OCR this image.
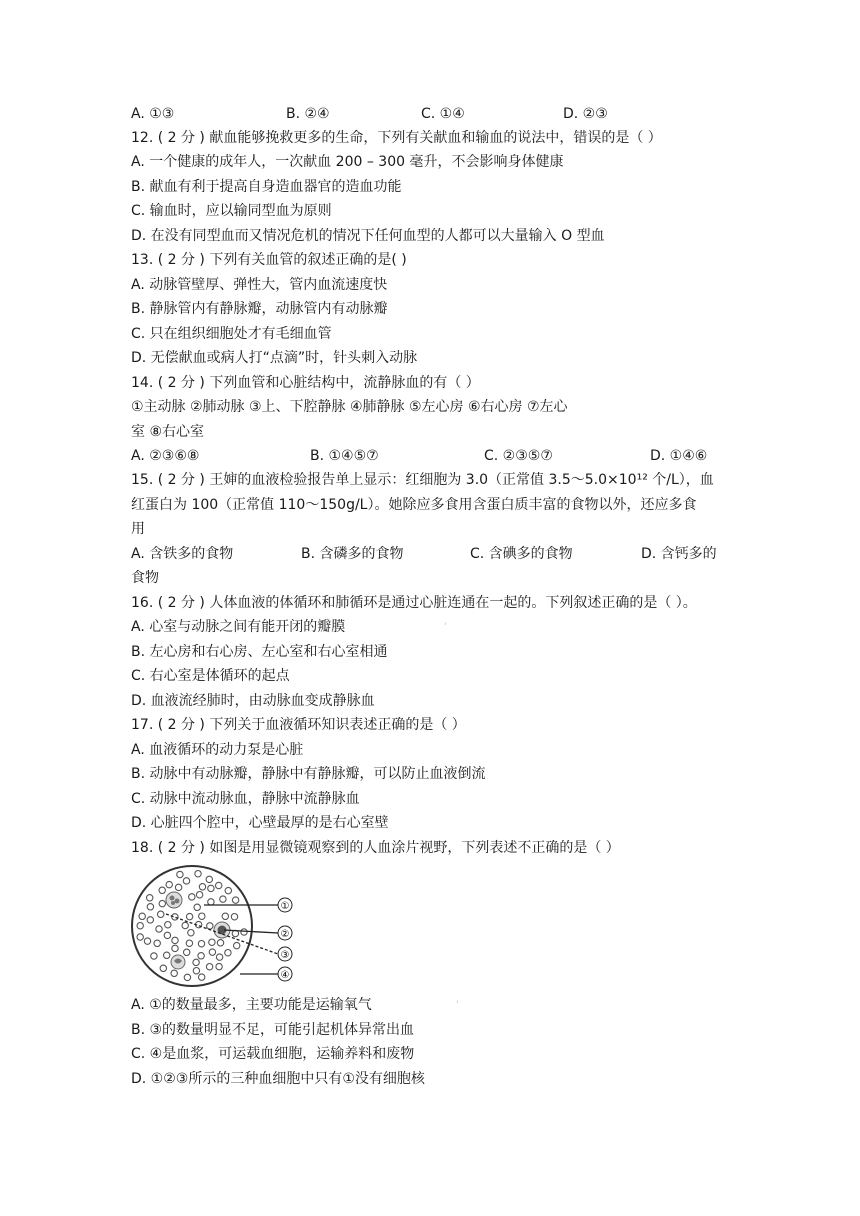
A. ①③	B. ②④	C. ①④	D. ②③
12. ( 2 分 ) 献血能够挽救更多的生命，下列有关献血和输血的说法中，错误的是（ ）
A. 一个健康的成年人，一次献血 200 – 300 毫升，不会影响身体健康
B. 献血有利于提高自身造血器官的造血功能
C. 输血时，应以输同型血为原则
D. 在没有同型血而又情况危机的情况下任何血型的人都可以大量输入 O 型血
13. ( 2 分 ) 下列有关血管的叙述正确的是( )
A. 动脉管壁厚、弹性大，管内血流速度快
B. 静脉管内有静脉瓣，动脉管内有动脉瓣
C. 只在组织细胞处才有毛细血管
D. 无偿献血或病人打“点滴”时，针头刺入动脉
14. ( 2 分 ) 下列血管和心脏结构中，流静脉血的有（ ）
①主动脉 ②肺动脉 ③上、下腔静脉 ④肺静脉 ⑤左心房 ⑥右心房 ⑦左心
室 ⑧右心室
A. ②③⑥⑧	B. ①④⑤⑦	C. ②③⑤⑦	D. ①④⑥
15. ( 2 分 ) 王婶的血液检验报告单上显示：红细胞为 3.0（正常值 3.5～5.0×10¹² 个/L），血
红蛋白为 100（正常值 110～150g/L）。她除应多食用含蛋白质丰富的食物以外，还应多食
用
A. 含铁多的食物	B. 含磷多的食物	C. 含碘多的食物	D. 含钙多的
食物
16. ( 2 分 ) 人体血液的体循环和肺循环是通过心脏连通在一起的。下列叙述正确的是（ ）。
A. 心室与动脉之间有能开闭的瓣膜
B. 左心房和右心房、左心室和右心室相通
C. 右心室是体循环的起点
D. 血液流经肺时，由动脉血变成静脉血
'
17. ( 2 分 ) 下列关于血液循环知识表述正确的是（ ）
A. 血液循环的动力泵是心脏
B. 动脉中有动脉瓣，静脉中有静脉瓣，可以防止血液倒流
C. 动脉中流动脉血，静脉中流静脉血
D. 心脏四个腔中，心壁最厚的是右心室壁
18. ( 2 分 ) 如图是用显微镜观察到的人血涂片视野，下列表述不正确的是（ ）
①
②
③
④
A. ①的数量最多，主要功能是运输氧气	'
B. ③的数量明显不足，可能引起机体异常出血
C. ④是血浆，可运载血细胞，运输养料和废物
D. ①②③所示的三种血细胞中只有①没有细胞核
